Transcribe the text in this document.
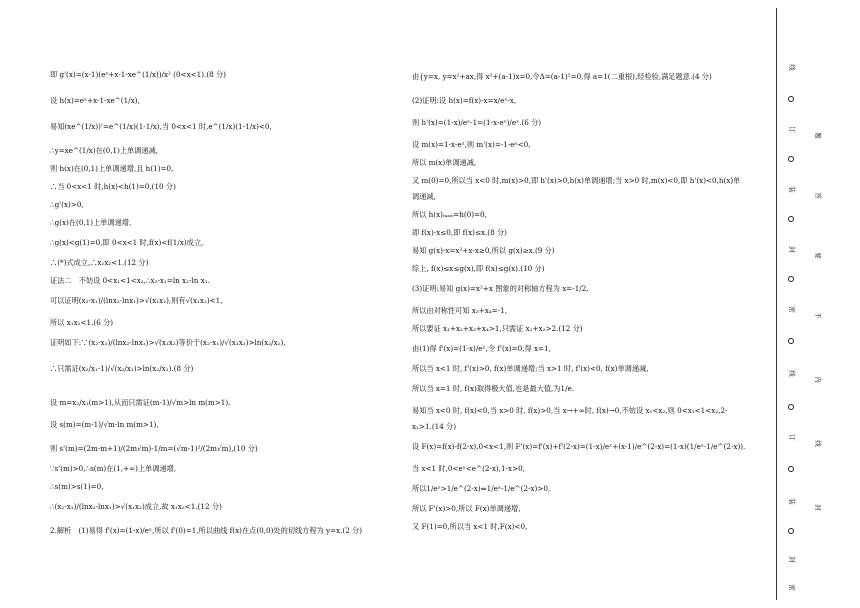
即 g'(x)=(x-1)(eˣ+x-1-xe^(1/x))/x² (0<x<1).(8 分)
设 h(x)=eˣ+x-1-xe^(1/x),
易知(xe^(1/x))'=e^(1/x)(1-1/x),当 0<x<1 时,e^(1/x)(1-1/x)<0,
∴y=xe^(1/x)在(0,1)上单调递减,
则 h(x)在(0,1)上单调递增,且 h(1)=0,
∴当 0<x<1 时,h(x)<h(1)=0,(10 分)
∴g'(x)>0,
∴g(x)在(0,1)上单调递增,
∴g(x)<g(1)=0,即 0<x<1 时,f(x)<f(1/x)成立,
∴(*)式成立,∴x₁x₂<1.(12 分)
证法二　不妨设 0<x₁<1<x₂,∴x₂-x₁=ln x₂-ln x₁.
可以证明(x₂-x₁)/(lnx₂-lnx₁)>√(x₁x₂),则有√(x₁x₂)<1,
所以 x₁x₂<1.(6 分)
证明如下:∵(x₂-x₁)/(lnx₂-lnx₁)>√(x₁x₂)等价于(x₂-x₁)/√(x₁x₂)>ln(x₂/x₁),
∴只需证(x₂/x₁-1)/√(x₂/x₁)>ln(x₂/x₁).(8 分)
设 m=x₂/x₁(m>1),从而只需证(m-1)/√m>ln m(m>1).
设 s(m)=(m-1)/√m-ln m(m>1),
则 s'(m)=(2m-m+1)/(2m√m)-1/m=(√m-1)²/(2m√m),(10 分)
∵s'(m)>0,∴s(m)在(1,+∞)上单调递增,
∴s(m)>s(1)=0,
∴(x₂-x₁)/(lnx₂-lnx₁)>√(x₁x₂)成立,故 x₁x₂<1.(12 分)
2.解析　(1)易得 f'(x)=(1-x)/eˣ,所以 f'(0)=1,所以曲线 f(x)在点(0,0)处的切线方程为 y=x.(2 分)
由{y=x, y=x²+ax,得 x²+(a-1)x=0,令Δ=(a-1)²=0,得 a=1(二重根),经检验,满足题意.(4 分)
(2)证明:设 h(x)=f(x)-x=x/eˣ-x,
则 h'(x)=(1-x)/eˣ-1=(1-x-eˣ)/eˣ.(6 分)
设 m(x)=1-x-eˣ,则 m'(x)=-1-eˣ<0,
所以 m(x)单调递减,
又 m(0)=0,所以当 x<0 时,m(x)>0,即 h'(x)>0,h(x)单调递增;当 x>0 时,m(x)<0,即 h'(x)<0,h(x)单
调递减,
所以 h(x)ₘₐₓ=h(0)=0,
即 f(x)-x≤0,即 f(x)≤x.(8 分)
易知 g(x)-x=x²+x-x≥0,所以 g(x)≥x.(9 分)
综上, f(x)≤x≤g(x),即 f(x)≤g(x).(10 分)
(3)证明:易知 g(x)=x²+x 图象的对称轴方程为 x=-1/2,
所以由对称性可知 x₃+x₄=-1,
所以要证 x₁+x₂+x₃+x₄>1,只需证 x₁+x₂>2.(12 分)
由(1)得 f'(x)=(1-x)/eˣ,令 f'(x)=0,得 x=1,
所以当 x<1 时, f'(x)>0, f(x)单调递增;当 x>1 时, f'(x)<0, f(x)单调递减,
所以当 x=1 时, f(x)取得极大值,也是最大值,为1/e.
易知当 x<0 时, f(x)<0,当 x>0 时, f(x)>0,当 x→+∞时, f(x)→0,不妨设 x₁<x₂,则 0<x₁<1<x₂,2-
x₁>1.(14 分)
设 F(x)=f(x)-f(2-x),0<x<1,则 F'(x)=f'(x)+f'(2-x)=(1-x)/eˣ+(x-1)/e^(2-x)=(1-x)(1/eˣ-1/e^(2-x)).
当 x<1 时,0<eˣ<e^(2-x),1-x>0,
所以1/eˣ>1/e^(2-x)⇔1/eˣ-1/e^(2-x)>0,
所以 F'(x)>0,所以 F(x)单调递增,
又 F(1)=0,所以当 x<1 时,F(x)<0,
线
订
装
封
密
线
订
装
封
密
题
答
要
不
内
线
封
